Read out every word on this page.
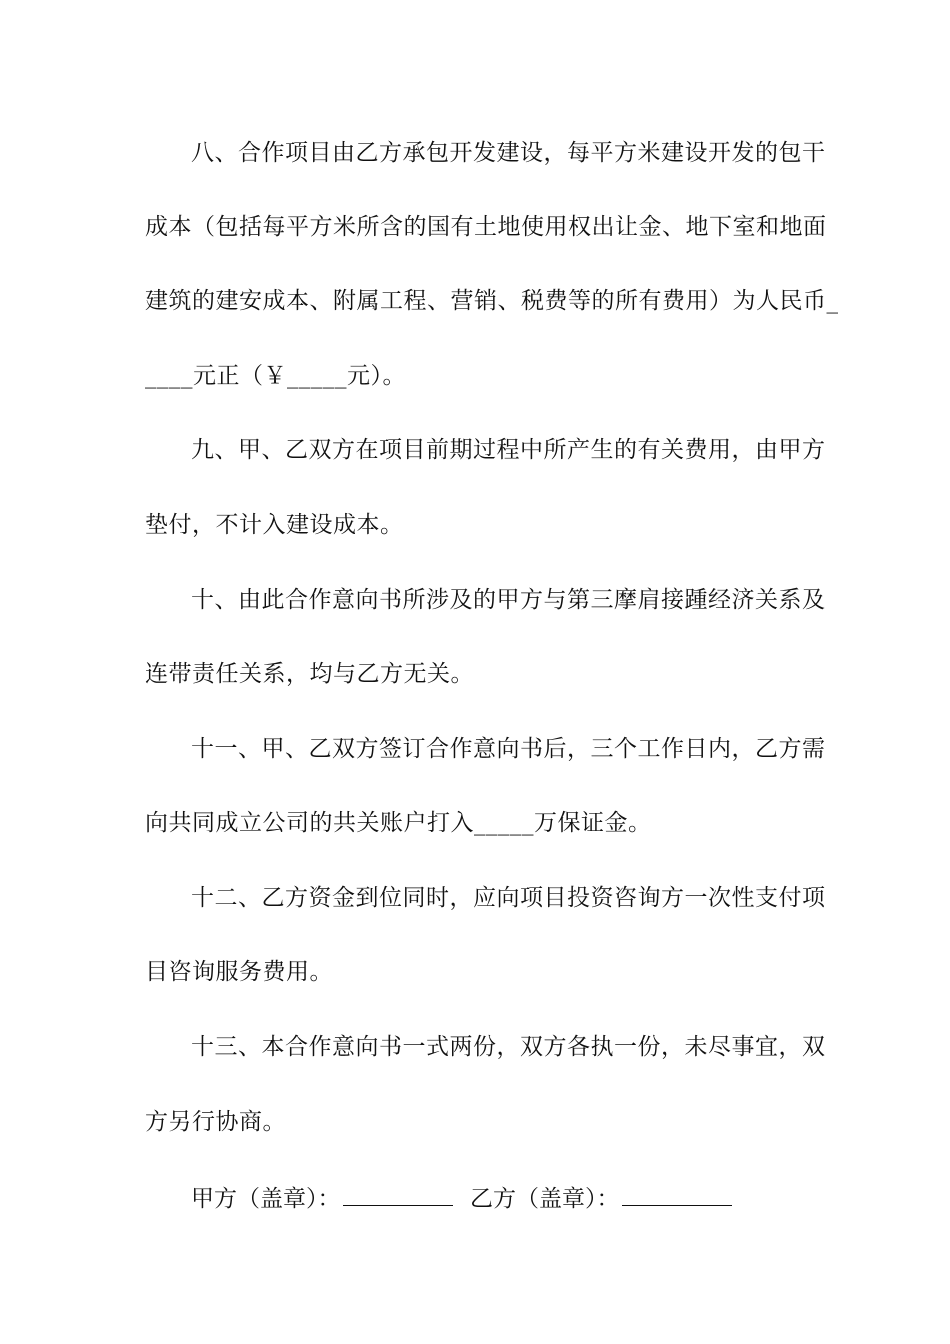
八、合作项目由乙方承包开发建设，每平方米建设开发的包干
成本（包括每平方米所含的国有土地使用权出让金、地下室和地面
建筑的建安成本、附属工程、营销、税费等的所有费用）为人民币_
____元正（￥_____元）。
九、甲、乙双方在项目前期过程中所产生的有关费用，由甲方
垫付，不计入建设成本。
十、由此合作意向书所涉及的甲方与第三摩肩接踵经济关系及
连带责任关系，均与乙方无关。
十一、甲、乙双方签订合作意向书后，三个工作日内，乙方需
向共同成立公司的共关账户打入_____万保证金。
十二、乙方资金到位同时，应向项目投资咨询方一次性支付项
目咨询服务费用。
十三、本合作意向书一式两份，双方各执一份，未尽事宜，双
方另行协商。
甲方（盖章）：	乙方（盖章）：
